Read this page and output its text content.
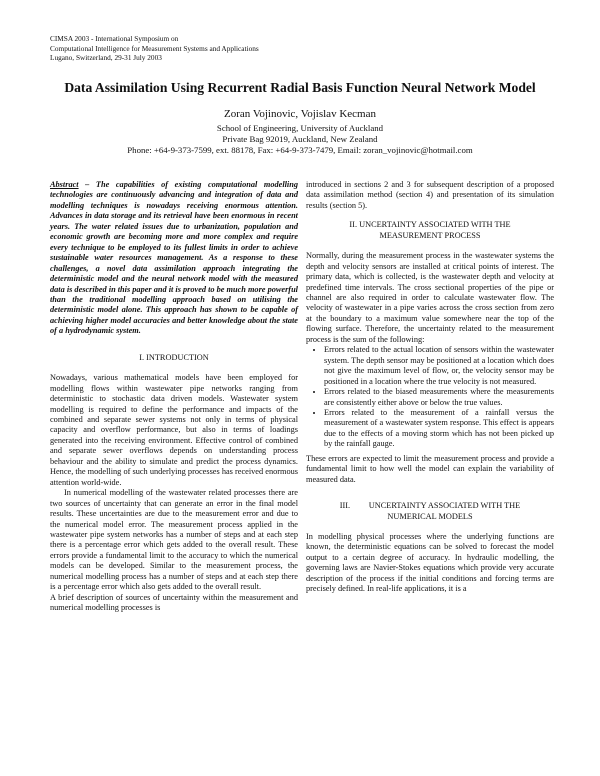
CIMSA 2003 - International Symposium on
Computational Intelligence for Measurement Systems and Applications
Lugano, Switzerland, 29-31 July 2003
Data Assimilation Using Recurrent Radial Basis Function Neural Network Model
Zoran Vojinovic, Vojislav Kecman
School of Engineering, University of Auckland
Private Bag 92019, Auckland, New Zealand
Phone: +64-9-373-7599, ext. 88178, Fax: +64-9-373-7479, Email: zoran_vojinovic@hotmail.com

Abstract – The capabilities of existing computational modelling technologies are continuously advancing and integration of data and modelling techniques is nowadays receiving enormous attention. Advances in data storage and its retrieval have been enormous in recent years. The water related issues due to urbanization, population and economic growth are becoming more and more complex and require every technique to be employed to its fullest limits in order to achieve sustainable water resources management. As a response to these challenges, a novel data assimilation approach integrating the deterministic model and the neural network model with the measured data is described in this paper and it is proved to be much more powerful than the traditional modelling approach based on utilising the deterministic model alone. This approach has shown to be capable of achieving higher model accuracies and better knowledge about the state of a hydrodynamic system.

I. INTRODUCTION

Nowadays, various mathematical models have been employed for modelling flows within wastewater pipe networks ranging from deterministic to stochastic data driven models. Wastewater system modelling is required to define the performance and impacts of the combined and separate sewer systems not only in terms of physical capacity and overflow performance, but also in terms of loadings generated into the receiving environment. Effective control of combined and separate sewer overflows depends on understanding process behaviour and the ability to simulate and predict the process dynamics. Hence, the modelling of such underlying processes has received enormous attention world-wide.

In numerical modelling of the wastewater related processes there are two sources of uncertainty that can generate an error in the final model results. These uncertainties are due to the measurement error and due to the numerical model error. The measurement process applied in the wastewater pipe system networks has a number of steps and at each step there is a percentage error which gets added to the overall result. These errors provide a fundamental limit to the accuracy to which the numerical models can be developed. Similar to the measurement process, the numerical modelling process has a number of steps and at each step there is a percentage error which also gets added to the overall result.

A brief description of sources of uncertainty within the measurement and numerical modelling processes is

introduced in sections 2 and 3 for subsequent description of a proposed data assimilation method (section 4) and presentation of its simulation results (section 5).

II. UNCERTAINTY ASSOCIATED WITH THE

MEASUREMENT PROCESS

Normally, during the measurement process in the wastewater systems the depth and velocity sensors are installed at critical points of interest. The primary data, which is collected, is the wastewater depth and velocity at predefined time intervals. The cross sectional properties of the pipe or channel are also required in order to calculate wastewater flow. The velocity of wastewater in a pipe varies across the cross section from zero at the boundary to a maximum value somewhere near the top of the flowing surface. Therefore, the uncertainty related to the measurement process is the sum of the following:

• Errors related to the actual location of sensors within the wastewater system. The depth sensor may be positioned at a location which does not give the maximum level of flow, or, the velocity sensor may be positioned in a location where the true velocity is not measured.
• Errors related to the biased measurements where the measurements are consistently either above or below the true values.
• Errors related to the measurement of a rainfall versus the measurement of a wastewater system response. This effect is appears due to the effects of a moving storm which has not been picked up by the rainfall gauge.

These errors are expected to limit the measurement process and provide a fundamental limit to how well the model can explain the variability of measured data.

III.         UNCERTAINTY ASSOCIATED WITH THE

NUMERICAL MODELS

In modelling physical processes where the underlying functions are known, the deterministic equations can be solved to forecast the model output to a certain degree of accuracy. In hydraulic modelling, the governing laws are Navier-Stokes equations which provide very accurate description of the process if the initial conditions and forcing terms are precisely defined. In real-life applications, it is a
